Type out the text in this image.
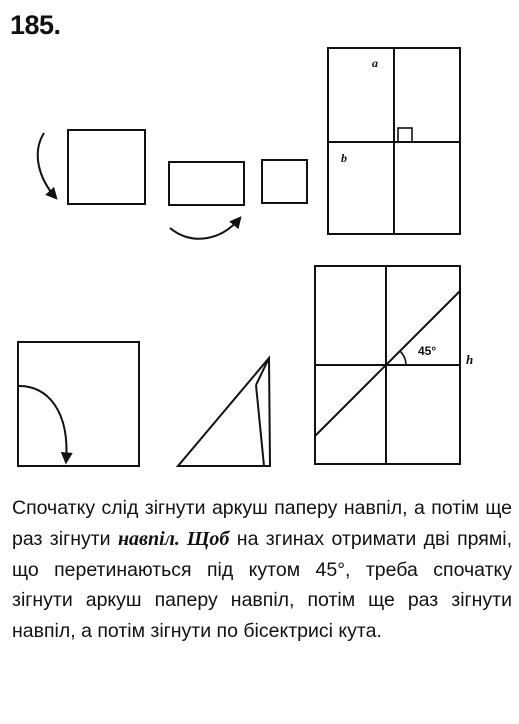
185.
a
b
45°
h

Спочатку слід зігнути аркуш паперу навпіл, а потім ще раз зігнути навпіл. Щоб на згинах отримати дві прямі, що перетинаються під кутом 45°, треба спочатку зігнути аркуш паперу навпіл, потім ще раз зігнути навпіл, а потім зігнути по бісектрисі кута.
